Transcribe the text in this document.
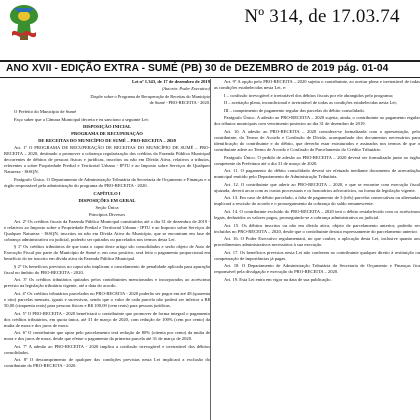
Nº 314, de 17.03.74
ANO XVII - EDIÇÃO EXTRA - SUMÉ (PB) 30 de DEZEMBRO de 2019 pág. 01-04
Lei nº 1.343, de 17 de dezembro de 2019
(Autoria: Poder Executivo)
Dispõe sobre o Programa de Recuperação de Receitas do Município de Sumé - PRO-RECEITA - 2020.

O Prefeito do Município de Sumé

Faço saber que a Câmara Municipal decreta e eu sanciono a seguinte Lei:

DISPOSIÇÃO INICIAL
PROGRAMA DE RECUPERAÇÃO
DE RECEITAS DO MUNICÍPIO DE SUMÉ – PRO-RECEITA – 2020

Art. 1º O PROGRAMA DE RECUPERAÇÃO DE RECEITAS DO MUNICÍPIO DE SUMÉ – PRO-RECEITA – 2020, destinado a promover a cobrança regularização dos créditos da Fazenda Pública Municipal decorrentes de débitos de pessoas físicas e jurídicas, inscritos ou não em Dívida Ativa, relativos a tributos, referentes a sobre Propriedade Predial e Territorial Urbana - IPTU e ao Imposto sobre Serviços de Qualquer Natureza - ISSQN.

Parágrafo Único. O Departamento de Administração Tributária da Secretaria de Orçamento e Finanças e o órgão responsável pela administração do programa do PRO-RECEITA - 2020.

CAPÍTULO I
DISPOSIÇÕES EM GERAL
Seção Única
Princípios Diversos

Art. 2º Os créditos fiscais da Fazenda Pública Municipal constituídos até o dia 31 de dezembro de 2019 - e relativos ao Imposto sobre a Propriedade Predial e Territorial Urbana - IPTU e ao Imposto sobre Serviços de Qualquer Natureza - ISSQN, inscritos ou não em Dívida Ativa do Município, que se encontram em fase de cobrança administrativa ou judicial, poderão ser quitados ou parcelados nos termos desta Lei.

§ 1º Os créditos tributários de que trata o caput deste artigo são consolidados e serão objeto de Auto de Execução Fiscal por parte do Município de Sumé e, em caso positivo, será feito o pagamento proporcional em benefício do ter inscrito em dívida ativa da Fazenda Pública Municipal.

§ 2º Os benefícios previstos no caput não implicam o cancelamento de penalidade aplicada para apuração fiscal no âmbito do PRO-RECEITA - 2020.

Art. 3º Os créditos tributários quitados pelos contribuintes mencionados e incorporados ao acréscimo previsto na legislação tributária vigente, até a data do acordo.

Art. 4º Os créditos tributários parcelados no PRO-RECEITA - 2020 poderão ser pagos em até 48 (quarenta e oito) parcelas mensais, iguais e sucessivas, sendo que o valor de cada parcela não poderá ser inferior a R$ 50,00 (cinquenta reais) para pessoas físicas e R$ 100,00 (cem reais) para pessoas jurídicas.

Art. 5º O PRO-RECEITA - 2020 beneficiará o contribuinte que promover de forma integral o pagamento dos créditos tributários, em quota única, até 31 de março de 2020, com redução de 100% (cem por cento) da multa de mora e dos juros de mora.

Art. 6º O contribuinte que optar pelo parcelamento terá redução de 80% (oitenta por cento) da multa de mora e dos juros de mora, desde que efetue o pagamento da primeira parcela até 31 de março de 2020.

Art. 7º A adesão ao PRO-RECEITA - 2020 implica a confissão irrevogável e irretratável dos débitos consolidados.

Art. 8º O descumprimento de qualquer das condições previstas nesta Lei implicará a exclusão do contribuinte do PRO-RECEITA - 2020.

Art. 9º A opção pelo PRO-RECEITA – 2020 sujeita o contribuinte, ao aceitar plena e irretratável de todas as condições estabelecidas nesta Lei, e:

I – confissão irrevogável e irretratável dos débitos fiscais por ele abrangidos pelo programa;

II – aceitação plena, incondicional e irretratável de todas as condições estabelecidas nesta Lei;

III – cumprimento de pagamento regular das parcelas do débito consolidado.

Parágrafo Único. A adesão ao PRO-RECEITA – 2020 sujeita, ainda, o contribuinte ao pagamento regular dos tributos municipais com vencimento posterior ao dia 31 de dezembro de 2019.

Art. 10. A adesão ao PRO-RECEITA – 2020 considera-se formalizada com a apresentação, pelo contribuinte, do Termo de Acordo e Confissão de Dívida, acompanhado dos documentos necessários para identificação do contribuinte e do débito, que deverão estar estruturados e assinados nos termos de que o contribuinte adere ao Termo de Acordo e Confissão de Parcelamento do Crédito Tributário.

Parágrafo Único. O pedido de adesão ao PRO-RECEITA – 2020 deverá ser formalizado junto ao órgão competente da Prefeitura até o dia 31 de março de 2020.

Art. 11. O pagamento do débito consolidado deverá ser efetuado mediante documento de arrecadação municipal emitido pelo Departamento de Administração Tributária.

Art. 12. O contribuinte que aderir ao PRO-RECEITA – 2020, e que se encontre com execução fiscal ajuizada, deverá arcar com as custas processuais e os honorários advocatícios, na forma da legislação vigente.

Art. 13. Em caso de débito parcelado, a falta de pagamento de 3 (três) parcelas consecutivas ou alternadas implicará a rescisão do acordo e o prosseguimento da cobrança do saldo remanescente.

Art. 14. O contribuinte excluído do PRO-RECEITA – 2020 terá o débito restabelecido com os acréscimos legais, deduzidos os valores pagos, prosseguindo-se a cobrança administrativa ou judicial.

Art. 15. Os débitos inscritos ou não em dívida ativa, objeto de parcelamento anterior, poderão ser incluídos no PRO-RECEITA – 2020, desde que o contribuinte desista expressamente do parcelamento anterior.

Art. 16. O Poder Executivo regulamentará, no que couber, a aplicação desta Lei, inclusive quanto aos procedimentos administrativos necessários à sua execução.

Art. 17. Os benefícios previstos nesta Lei não conferem ao contribuinte qualquer direito à restituição ou compensação de importâncias já pagas.

Art. 18. O Departamento de Administração Tributária da Secretaria de Orçamento e Finanças fica responsável pela divulgação e execução do PRO-RECEITA – 2020.

Art. 19. Esta Lei entra em vigor na data de sua publicação.
